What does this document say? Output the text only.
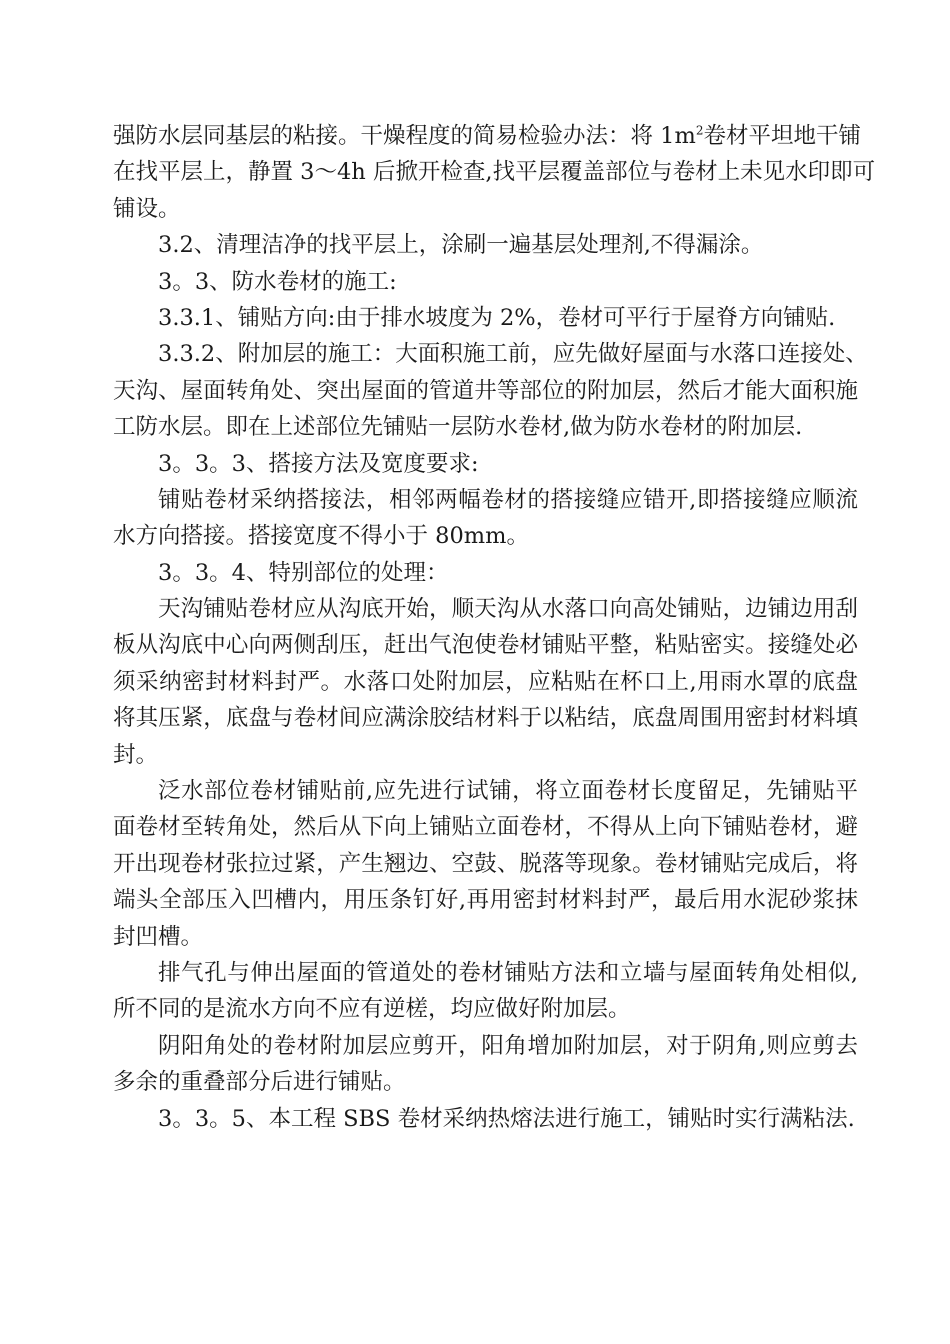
强防水层同基层的粘接。干燥程度的简易检验办法：将 $1m^2$卷材平坦地干铺
在找平层上，静置 3～4h 后掀开检查,找平层覆盖部位与卷材上未见水印即可
铺设。
3.2、清理洁净的找平层上，涂刷一遍基层处理剂,不得漏涂。
3。3、防水卷材的施工:
3.3.1、铺贴方向:由于排水坡度为 2%，卷材可平行于屋脊方向铺贴.
3.3.2、附加层的施工：大面积施工前，应先做好屋面与水落口连接处、
天沟、屋面转角处、突出屋面的管道井等部位的附加层，然后才能大面积施
工防水层。即在上述部位先铺贴一层防水卷材,做为防水卷材的附加层.
3。3。3、搭接方法及宽度要求:
铺贴卷材采纳搭接法，相邻两幅卷材的搭接缝应错开,即搭接缝应顺流
水方向搭接。搭接宽度不得小于 80mm。
3。3。4、特别部位的处理：
天沟铺贴卷材应从沟底开始，顺天沟从水落口向高处铺贴，边铺边用刮
板从沟底中心向两侧刮压，赶出气泡使卷材铺贴平整，粘贴密实。接缝处必
须采纳密封材料封严。水落口处附加层，应粘贴在杯口上,用雨水罩的底盘
将其压紧，底盘与卷材间应满涂胶结材料于以粘结，底盘周围用密封材料填
封。
泛水部位卷材铺贴前,应先进行试铺，将立面卷材长度留足，先铺贴平
面卷材至转角处，然后从下向上铺贴立面卷材，不得从上向下铺贴卷材，避
开出现卷材张拉过紧，产生翘边、空鼓、脱落等现象。卷材铺贴完成后，将
端头全部压入凹槽内，用压条钉好,再用密封材料封严，最后用水泥砂浆抹
封凹槽。
排气孔与伸出屋面的管道处的卷材铺贴方法和立墙与屋面转角处相似,
所不同的是流水方向不应有逆槎，均应做好附加层。
阴阳角处的卷材附加层应剪开，阳角增加附加层，对于阴角,则应剪去
多余的重叠部分后进行铺贴。
3。3。5、本工程 SBS 卷材采纳热熔法进行施工，铺贴时实行满粘法.
